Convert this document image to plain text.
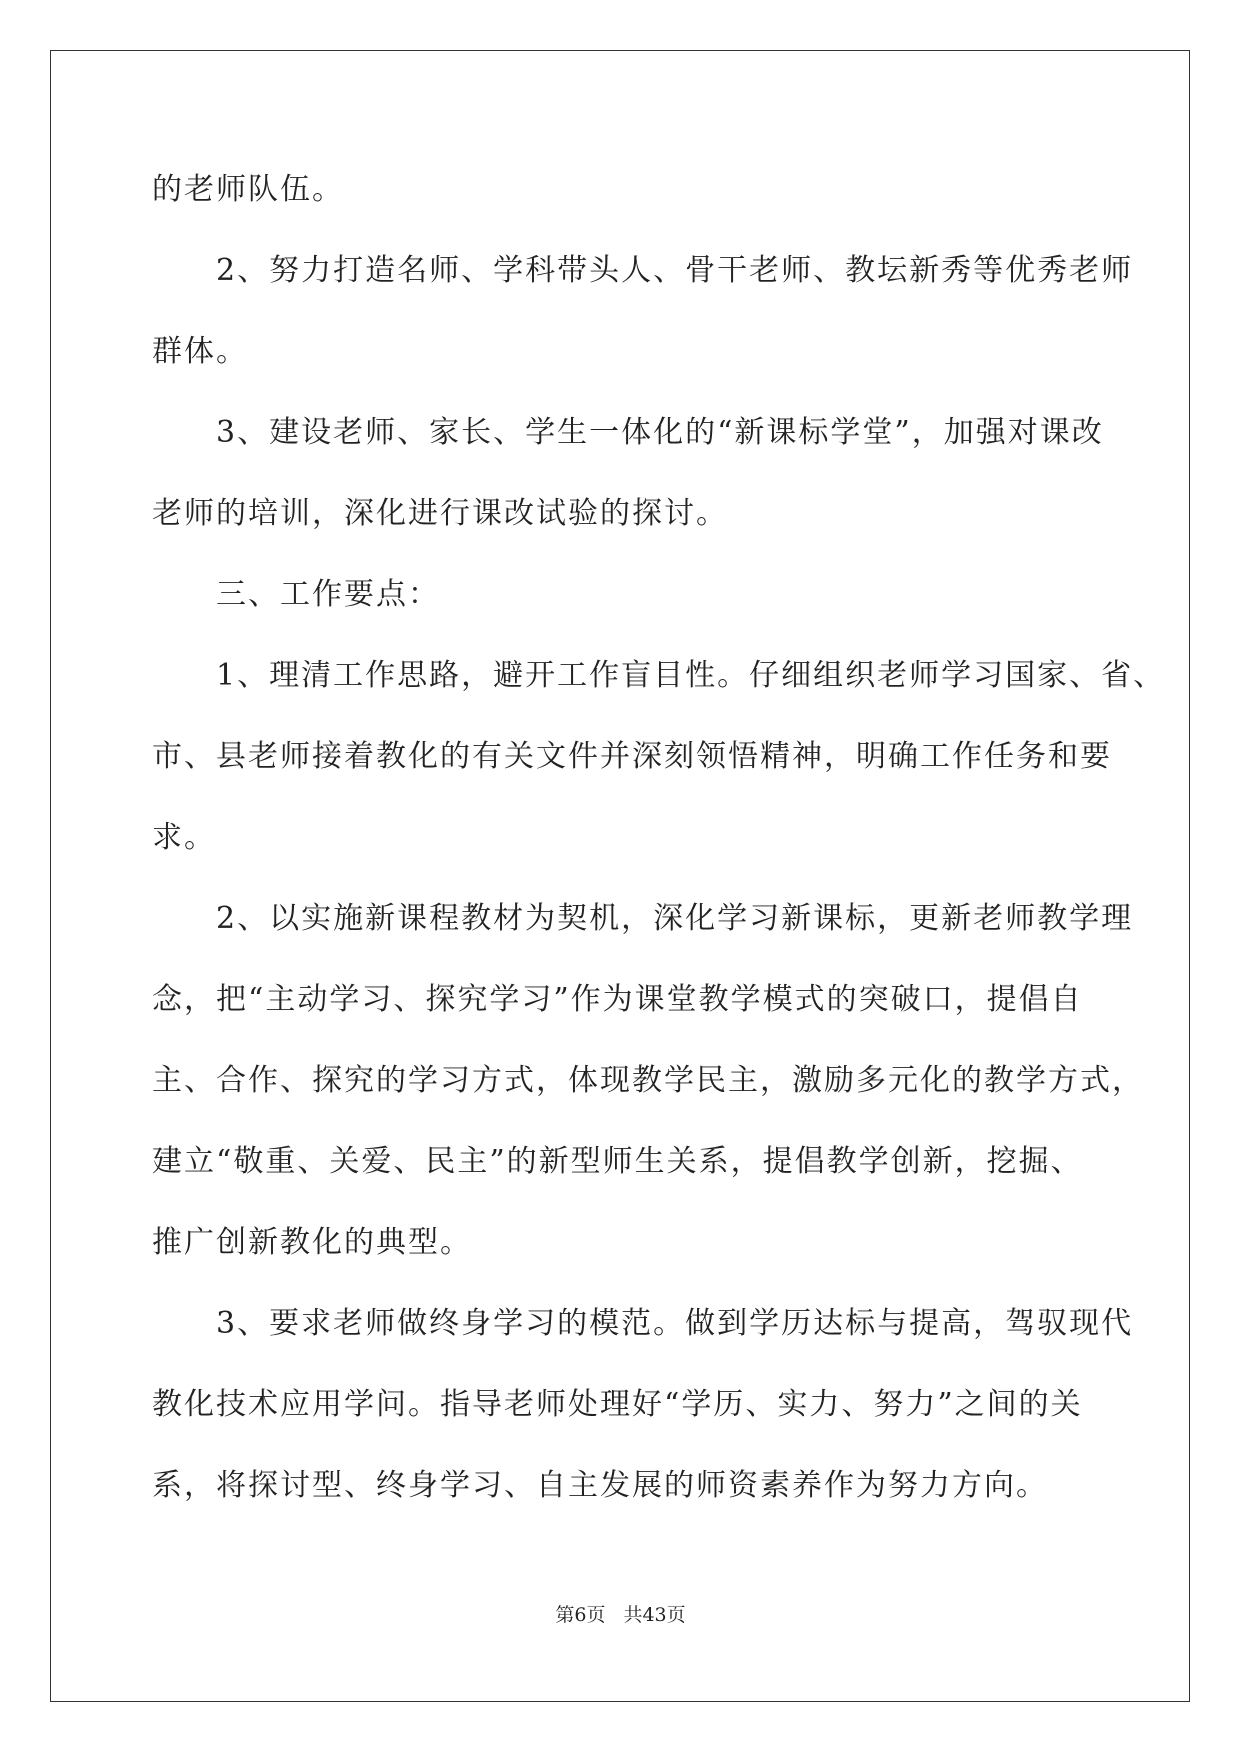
的老师队伍。

　　2、努力打造名师、学科带头人、骨干老师、教坛新秀等优秀老师

群体。

　　3、建设老师、家长、学生一体化的“新课标学堂”，加强对课改

老师的培训，深化进行课改试验的探讨。

　　三、工作要点：

　　1、理清工作思路，避开工作盲目性。仔细组织老师学习国家、省、

市、县老师接着教化的有关文件并深刻领悟精神，明确工作任务和要

求。

　　2、以实施新课程教材为契机，深化学习新课标，更新老师教学理

念，把“主动学习、探究学习”作为课堂教学模式的突破口，提倡自

主、合作、探究的学习方式，体现教学民主，激励多元化的教学方式，

建立“敬重、关爱、民主”的新型师生关系，提倡教学创新，挖掘、

推广创新教化的典型。

　　3、要求老师做终身学习的模范。做到学历达标与提高，驾驭现代

教化技术应用学问。指导老师处理好“学历、实力、努力”之间的关

系，将探讨型、终身学习、自主发展的师资素养作为努力方向。

第6页 共43页
